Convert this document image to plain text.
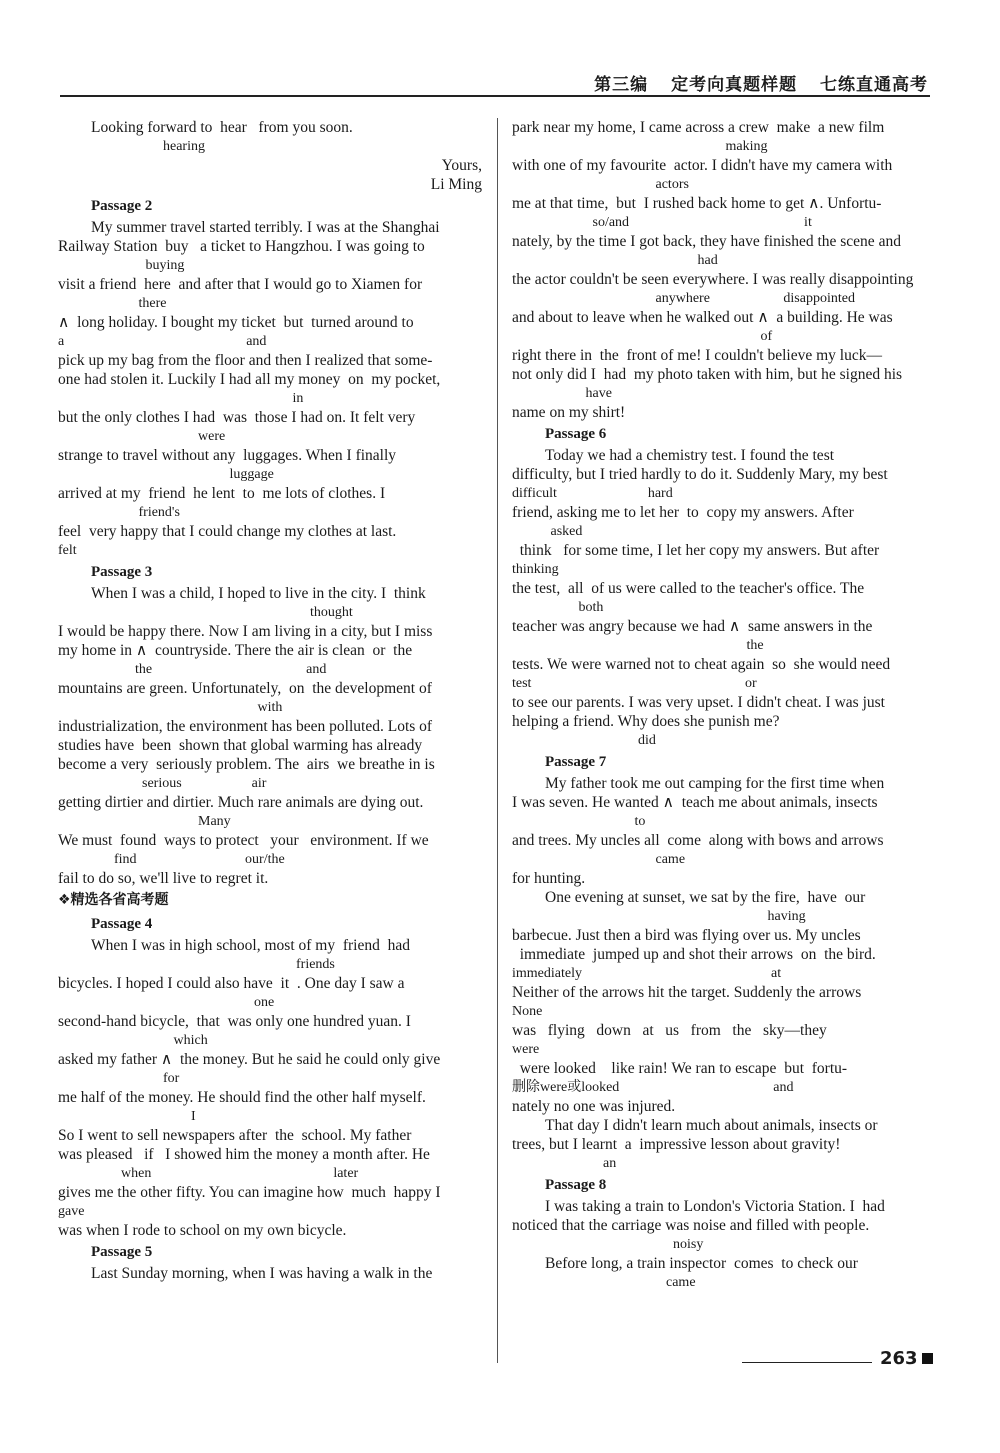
第三编 定考向真题样题 七练直通高考
Looking forward to  hear   from you soon.
hearing
Yours,
Li Ming
Passage 2
My summer travel started terribly. I was at the Shanghai
Railway Station  buy   a ticket to Hangzhou. I was going to
buying
visit a friend  here  and after that I would go to Xiamen for
there
∧  long holiday. I bought my ticket  but  turned around to
a                                                    and
pick up my bag from the floor and then I realized that some-
one had stolen it. Luckily I had all my money  on  my pocket,
in
but the only clothes I had  was  those I had on. It felt very
were
strange to travel without any  luggages. When I finally
luggage
arrived at my  friend  he lent  to  me lots of clothes. I
friend's
feel  very happy that I could change my clothes at last.
felt
Passage 3
When I was a child, I hoped to live in the city. I  think
thought
I would be happy there. Now I am living in a city, but I miss
my home in ∧  countryside. There the air is clean  or  the
the                                            and
mountains are green. Unfortunately,  on  the development of
with
industrialization, the environment has been polluted. Lots of
studies have  been  shown that global warming has already
become a very  seriously problem. The  airs  we breathe in is
serious                    air
getting dirtier and dirtier. Much rare animals are dying out.
Many
We must  found  ways to protect   your   environment. If we
find                               our/the
fail to do so, we'll live to regret it.
❖精选各省高考题
Passage 4
When I was in high school, most of my  friend  had
friends
bicycles. I hoped I could also have  it  . One day I saw a
one
second-hand bicycle,  that  was only one hundred yuan. I
which
asked my father ∧  the money. But he said he could only give
for
me half of the money. He should find the other half myself.
I
So I went to sell newspapers after  the  school. My father
was pleased   if   I showed him the money a month after. He
when                                                    later
gives me the other fifty. You can imagine how  much  happy I
gave
was when I rode to school on my own bicycle.
Passage 5
Last Sunday morning, when I was having a walk in the
park near my home, I came across a crew  make  a new film
making
with one of my favourite  actor. I didn't have my camera with
actors
me at that time,  but  I rushed back home to get ∧. Unfortu-
so/and                                                  it
nately, by the time I got back, they have finished the scene and
had
the actor couldn't be seen everywhere. I was really disappointing
anywhere                     disappointed
and about to leave when he walked out ∧  a building. He was
of
right there in  the  front of me! I couldn't believe my luck—
not only did I  had  my photo taken with him, but he signed his
have
name on my shirt!
Passage 6
Today we had a chemistry test. I found the test
difficulty, but I tried hardly to do it. Suddenly Mary, my best
difficult                          hard
friend, asking me to let her  to  copy my answers. After
asked
think   for some time, I let her copy my answers. But after
thinking
the test,  all  of us were called to the teacher's office. The
both
teacher was angry because we had ∧  same answers in the
the
tests. We were warned not to cheat again  so  she would need
test                                                             or
to see our parents. I was very upset. I didn't cheat. I was just
helping a friend. Why does she punish me?
did
Passage 7
My father took me out camping for the first time when
I was seven. He wanted ∧  teach me about animals, insects
to
and trees. My uncles all  come  along with bows and arrows
came
for hunting.
One evening at sunset, we sat by the fire,  have  our
having
barbecue. Just then a bird was flying over us. My uncles
immediate  jumped up and shot their arrows  on  the bird.
immediately                                                      at
Neither of the arrows hit the target. Suddenly the arrows
None
was   flying   down   at   us   from   the   sky—they
were
were looked    like rain! We ran to escape  but  fortu-
删除were或looked                                            and
nately no one was injured.
That day I didn't learn much about animals, insects or
trees, but I learnt  a  impressive lesson about gravity!
an
Passage 8
I was taking a train to London's Victoria Station. I  had
noticed that the carriage was noise and filled with people.
noisy
Before long, a train inspector  comes  to check our
came
263
